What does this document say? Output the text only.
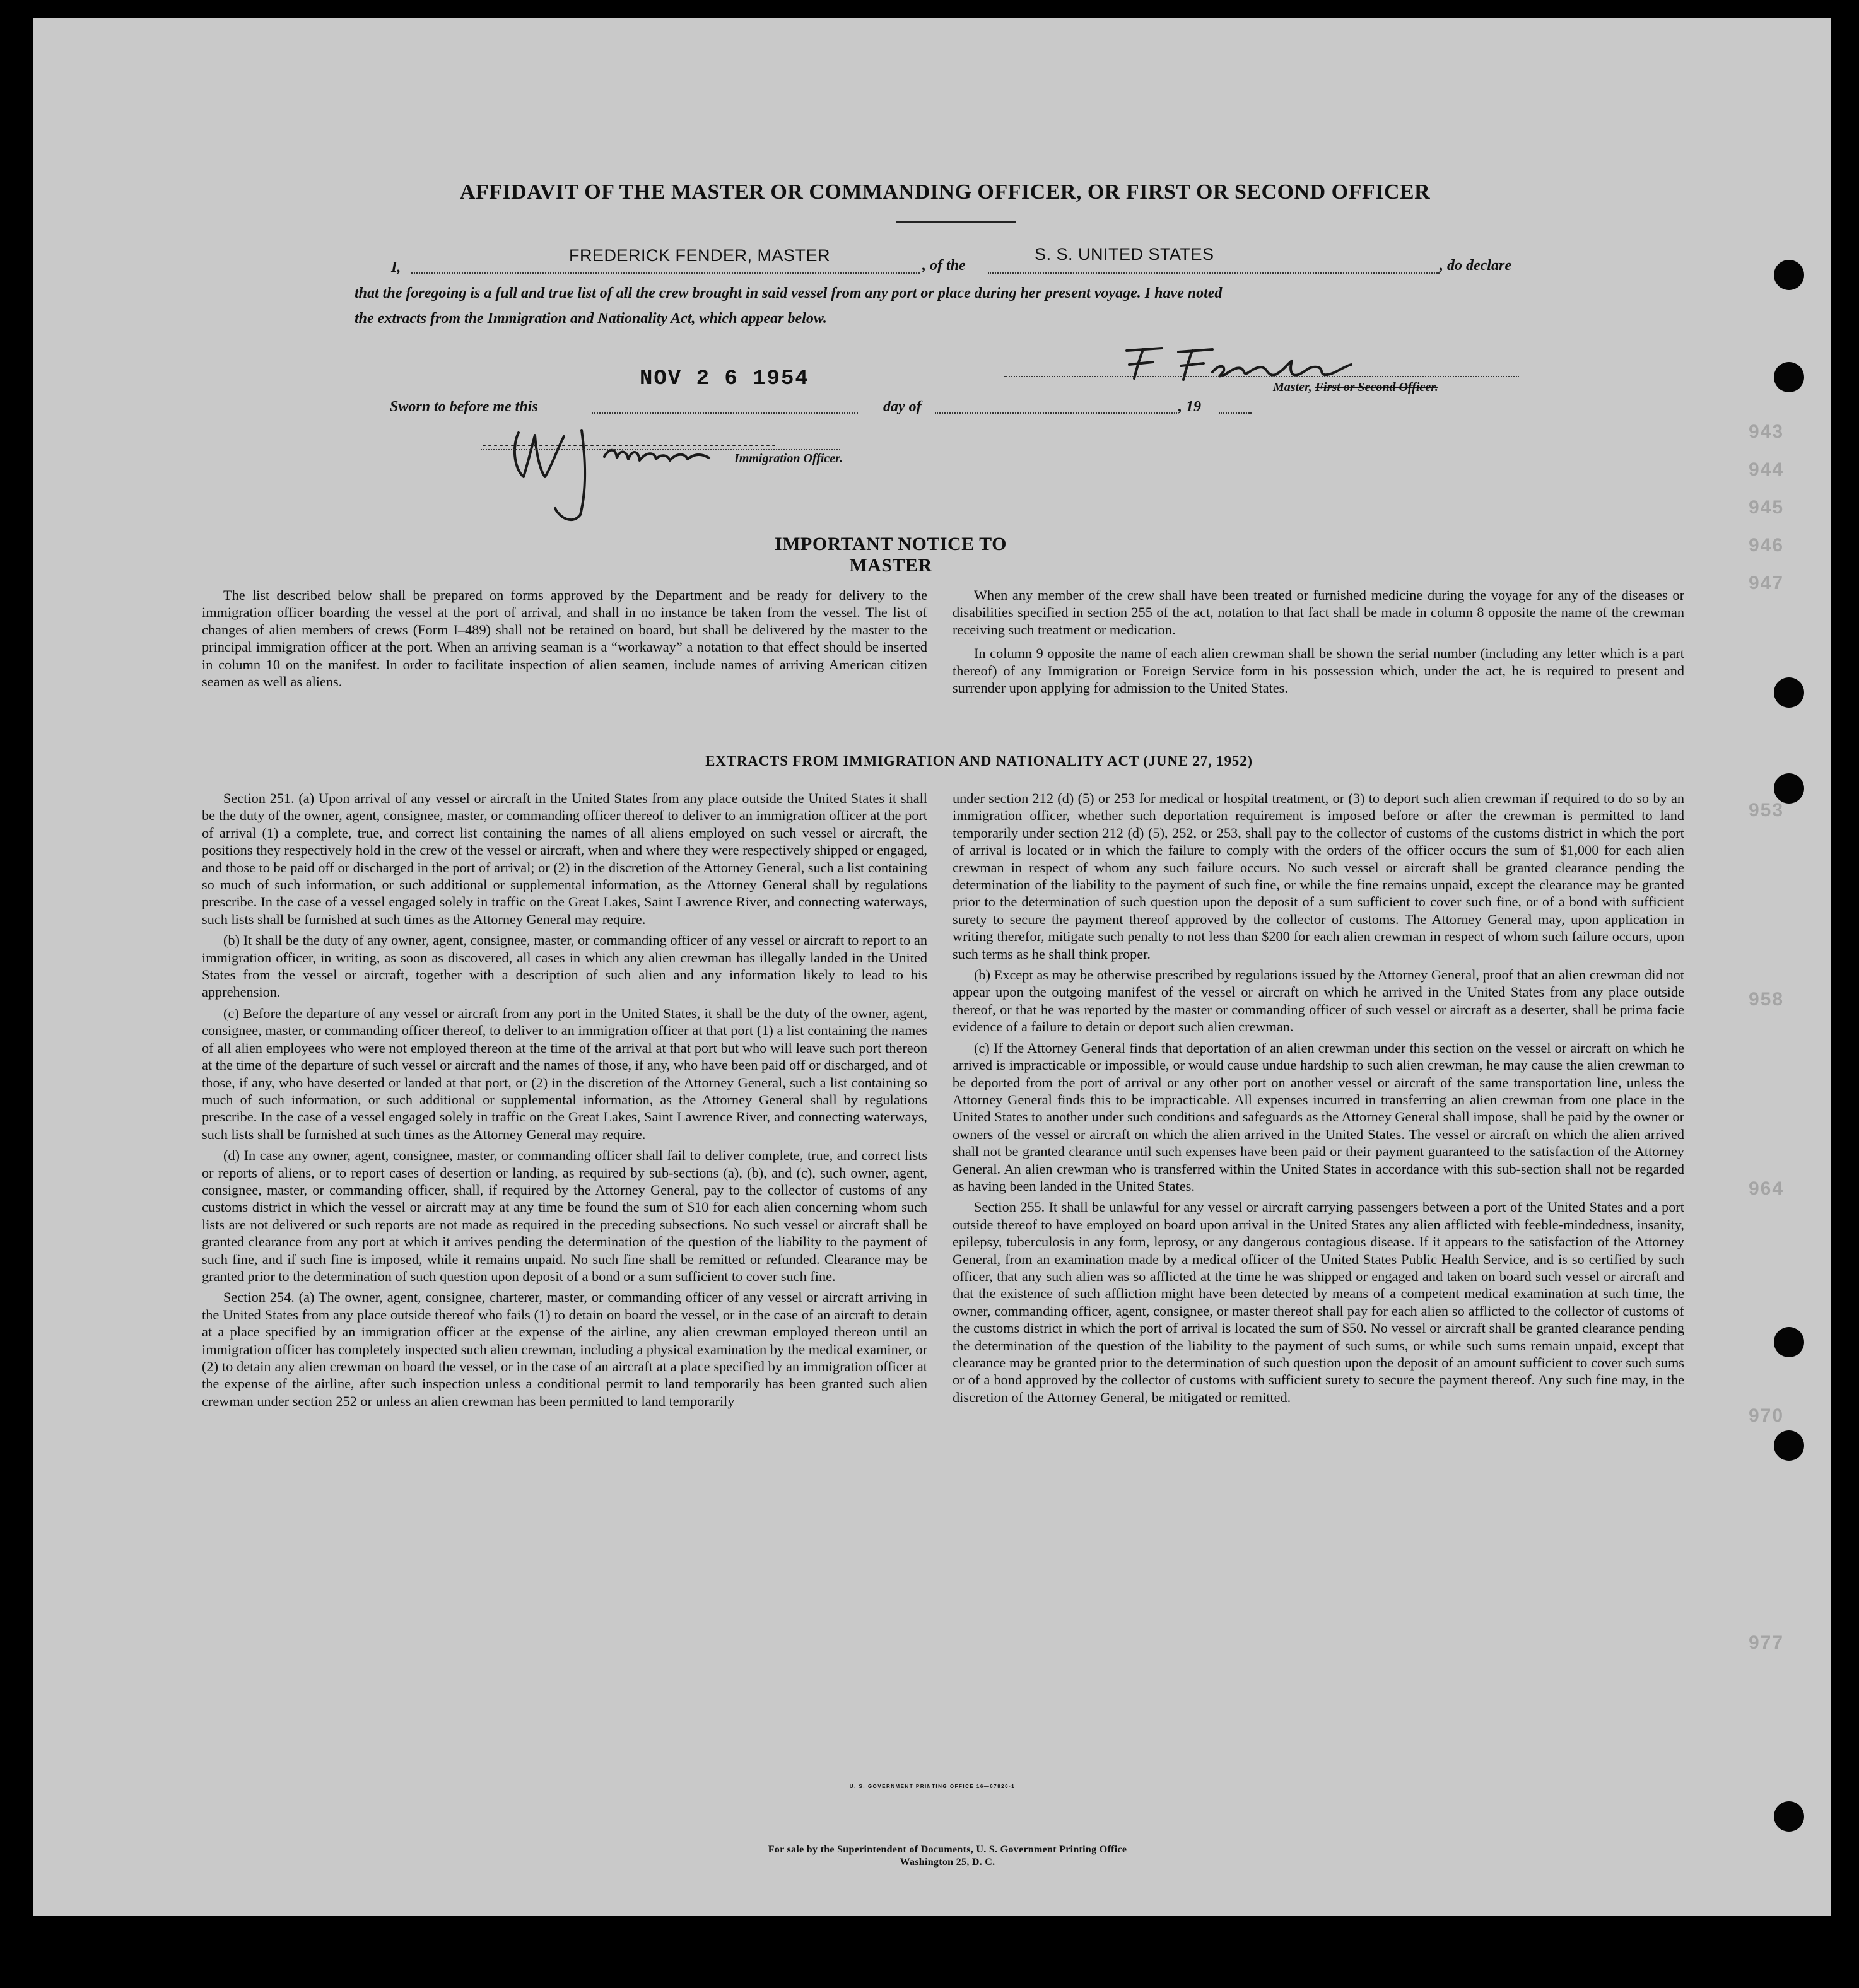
943
944
945
946
947
953
958
964
970
977
AFFIDAVIT OF THE MASTER OR COMMANDING OFFICER, OR FIRST OR SECOND OFFICER
I,
FREDERICK FENDER, MASTER
, of the
S. S. UNITED STATES
, do declare
that the foregoing is a full and true list of all the crew brought in said vessel from any port or place during her present voyage. I have noted
the extracts from the Immigration and Nationality Act, which appear below.
Master, First or Second Officer.
NOV 2 6 1954
Sworn to before me this	day of	, 19
Immigration Officer.
IMPORTANT NOTICE TO MASTER

The list described below shall be prepared on forms approved by the Department and be ready for delivery to the immigration officer boarding the vessel at the port of arrival, and shall in no instance be taken from the vessel. The list of changes of alien members of crews (Form I–489) shall not be retained on board, but shall be delivered by the master to the principal immigration officer at the port. When an arriving seaman is a “workaway” a notation to that effect should be inserted in column 10 on the manifest. In order to facilitate inspection of alien seamen, include names of arriving American citizen seamen as well as aliens.

When any member of the crew shall have been treated or furnished medicine during the voyage for any of the diseases or disabilities specified in section 255 of the act, notation to that fact shall be made in column 8 opposite the name of the crewman receiving such treatment or medication.

In column 9 opposite the name of each alien crewman shall be shown the serial number (including any letter which is a part thereof) of any Immigration or Foreign Service form in his possession which, under the act, he is required to present and surrender upon applying for admission to the United States.

EXTRACTS FROM IMMIGRATION AND NATIONALITY ACT (JUNE 27, 1952)

Section 251. (a) Upon arrival of any vessel or aircraft in the United States from any place outside the United States it shall be the duty of the owner, agent, consignee, master, or commanding officer thereof to deliver to an immigration officer at the port of arrival (1) a complete, true, and correct list containing the names of all aliens employed on such vessel or aircraft, the positions they respectively hold in the crew of the vessel or aircraft, when and where they were respectively shipped or engaged, and those to be paid off or discharged in the port of arrival; or (2) in the discretion of the Attorney General, such a list containing so much of such information, or such additional or supplemental information, as the Attorney General shall by regulations prescribe. In the case of a vessel engaged solely in traffic on the Great Lakes, Saint Lawrence River, and connecting waterways, such lists shall be furnished at such times as the Attorney General may require.

(b) It shall be the duty of any owner, agent, consignee, master, or commanding officer of any vessel or aircraft to report to an immigration officer, in writing, as soon as discovered, all cases in which any alien crewman has illegally landed in the United States from the vessel or aircraft, together with a description of such alien and any information likely to lead to his apprehension.

(c) Before the departure of any vessel or aircraft from any port in the United States, it shall be the duty of the owner, agent, consignee, master, or commanding officer thereof, to deliver to an immigration officer at that port (1) a list containing the names of all alien employees who were not employed thereon at the time of the arrival at that port but who will leave such port thereon at the time of the departure of such vessel or aircraft and the names of those, if any, who have been paid off or discharged, and of those, if any, who have deserted or landed at that port, or (2) in the discretion of the Attorney General, such a list containing so much of such information, or such additional or supplemental information, as the Attorney General shall by regulations prescribe. In the case of a vessel engaged solely in traffic on the Great Lakes, Saint Lawrence River, and connecting waterways, such lists shall be furnished at such times as the Attorney General may require.

(d) In case any owner, agent, consignee, master, or commanding officer shall fail to deliver complete, true, and correct lists or reports of aliens, or to report cases of desertion or landing, as required by sub-sections (a), (b), and (c), such owner, agent, consignee, master, or commanding officer, shall, if required by the Attorney General, pay to the collector of customs of any customs district in which the vessel or aircraft may at any time be found the sum of $10 for each alien concerning whom such lists are not delivered or such reports are not made as required in the preceding subsections. No such vessel or aircraft shall be granted clearance from any port at which it arrives pending the determination of the question of the liability to the payment of such fine, and if such fine is imposed, while it remains unpaid. No such fine shall be remitted or refunded. Clearance may be granted prior to the determination of such question upon deposit of a bond or a sum sufficient to cover such fine.

Section 254. (a) The owner, agent, consignee, charterer, master, or commanding officer of any vessel or aircraft arriving in the United States from any place outside thereof who fails (1) to detain on board the vessel, or in the case of an aircraft to detain at a place specified by an immigration officer at the expense of the airline, any alien crewman employed thereon until an immigration officer has completely inspected such alien crewman, including a physical examination by the medical examiner, or (2) to detain any alien crewman on board the vessel, or in the case of an aircraft at a place specified by an immigration officer at the expense of the airline, after such inspection unless a conditional permit to land temporarily has been granted such alien crewman under section 252 or unless an alien crewman has been permitted to land temporarily

under section 212 (d) (5) or 253 for medical or hospital treatment, or (3) to deport such alien crewman if required to do so by an immigration officer, whether such deportation requirement is imposed before or after the crewman is permitted to land temporarily under section 212 (d) (5), 252, or 253, shall pay to the collector of customs of the customs district in which the port of arrival is located or in which the failure to comply with the orders of the officer occurs the sum of $1,000 for each alien crewman in respect of whom any such failure occurs. No such vessel or aircraft shall be granted clearance pending the determination of the liability to the payment of such fine, or while the fine remains unpaid, except the clearance may be granted prior to the determination of such question upon the deposit of a sum sufficient to cover such fine, or of a bond with sufficient surety to secure the payment thereof approved by the collector of customs. The Attorney General may, upon application in writing therefor, mitigate such penalty to not less than $200 for each alien crewman in respect of whom such failure occurs, upon such terms as he shall think proper.

(b) Except as may be otherwise prescribed by regulations issued by the Attorney General, proof that an alien crewman did not appear upon the outgoing manifest of the vessel or aircraft on which he arrived in the United States from any place outside thereof, or that he was reported by the master or commanding officer of such vessel or aircraft as a deserter, shall be prima facie evidence of a failure to detain or deport such alien crewman.

(c) If the Attorney General finds that deportation of an alien crewman under this section on the vessel or aircraft on which he arrived is impracticable or impossible, or would cause undue hardship to such alien crewman, he may cause the alien crewman to be deported from the port of arrival or any other port on another vessel or aircraft of the same transportation line, unless the Attorney General finds this to be impracticable. All expenses incurred in transferring an alien crewman from one place in the United States to another under such conditions and safeguards as the Attorney General shall impose, shall be paid by the owner or owners of the vessel or aircraft on which the alien arrived in the United States. The vessel or aircraft on which the alien arrived shall not be granted clearance until such expenses have been paid or their payment guaranteed to the satisfaction of the Attorney General. An alien crewman who is transferred within the United States in accordance with this sub-section shall not be regarded as having been landed in the United States.

Section 255. It shall be unlawful for any vessel or aircraft carrying passengers between a port of the United States and a port outside thereof to have employed on board upon arrival in the United States any alien afflicted with feeble-mindedness, insanity, epilepsy, tuberculosis in any form, leprosy, or any dangerous contagious disease. If it appears to the satisfaction of the Attorney General, from an examination made by a medical officer of the United States Public Health Service, and is so certified by such officer, that any such alien was so afflicted at the time he was shipped or engaged and taken on board such vessel or aircraft and that the existence of such affliction might have been detected by means of a competent medical examination at such time, the owner, commanding officer, agent, consignee, or master thereof shall pay for each alien so afflicted to the collector of customs of the customs district in which the port of arrival is located the sum of $50. No vessel or aircraft shall be granted clearance pending the determination of the question of the liability to the payment of such sums, or while such sums remain unpaid, except that clearance may be granted prior to the determination of such question upon the deposit of an amount sufficient to cover such sums or of a bond approved by the collector of customs with sufficient surety to secure the payment thereof. Any such fine may, in the discretion of the Attorney General, be mitigated or remitted.

U. S. GOVERNMENT PRINTING OFFICE 16—67820-1
For sale by the Superintendent of Documents, U. S. Government Printing Office
Washington 25, D. C.
